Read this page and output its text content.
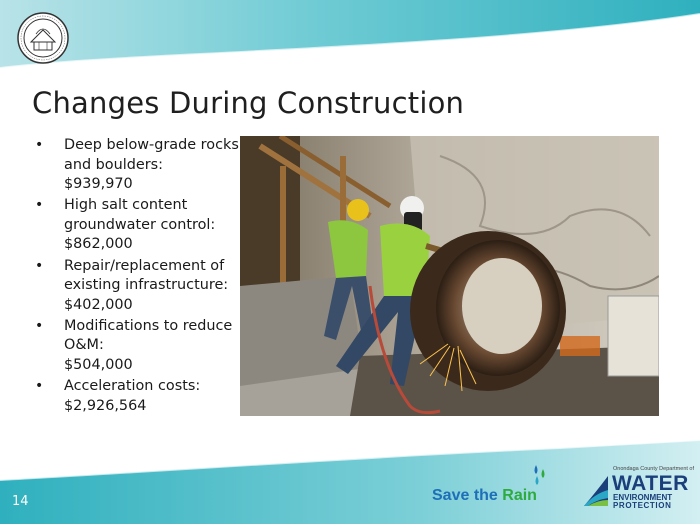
Changes During Construction
• Deep below-grade rocks and boulders:
$939,970
• High salt content groundwater control:
$862,000
• Repair/replacement of existing infrastructure:
$402,000
• Modifications to reduce O&M:
$504,000
• Acceleration costs:
$2,926,564
14	Save the Rain
Onondaga County Department of
WATER
ENVIRONMENT
PROTECTION
